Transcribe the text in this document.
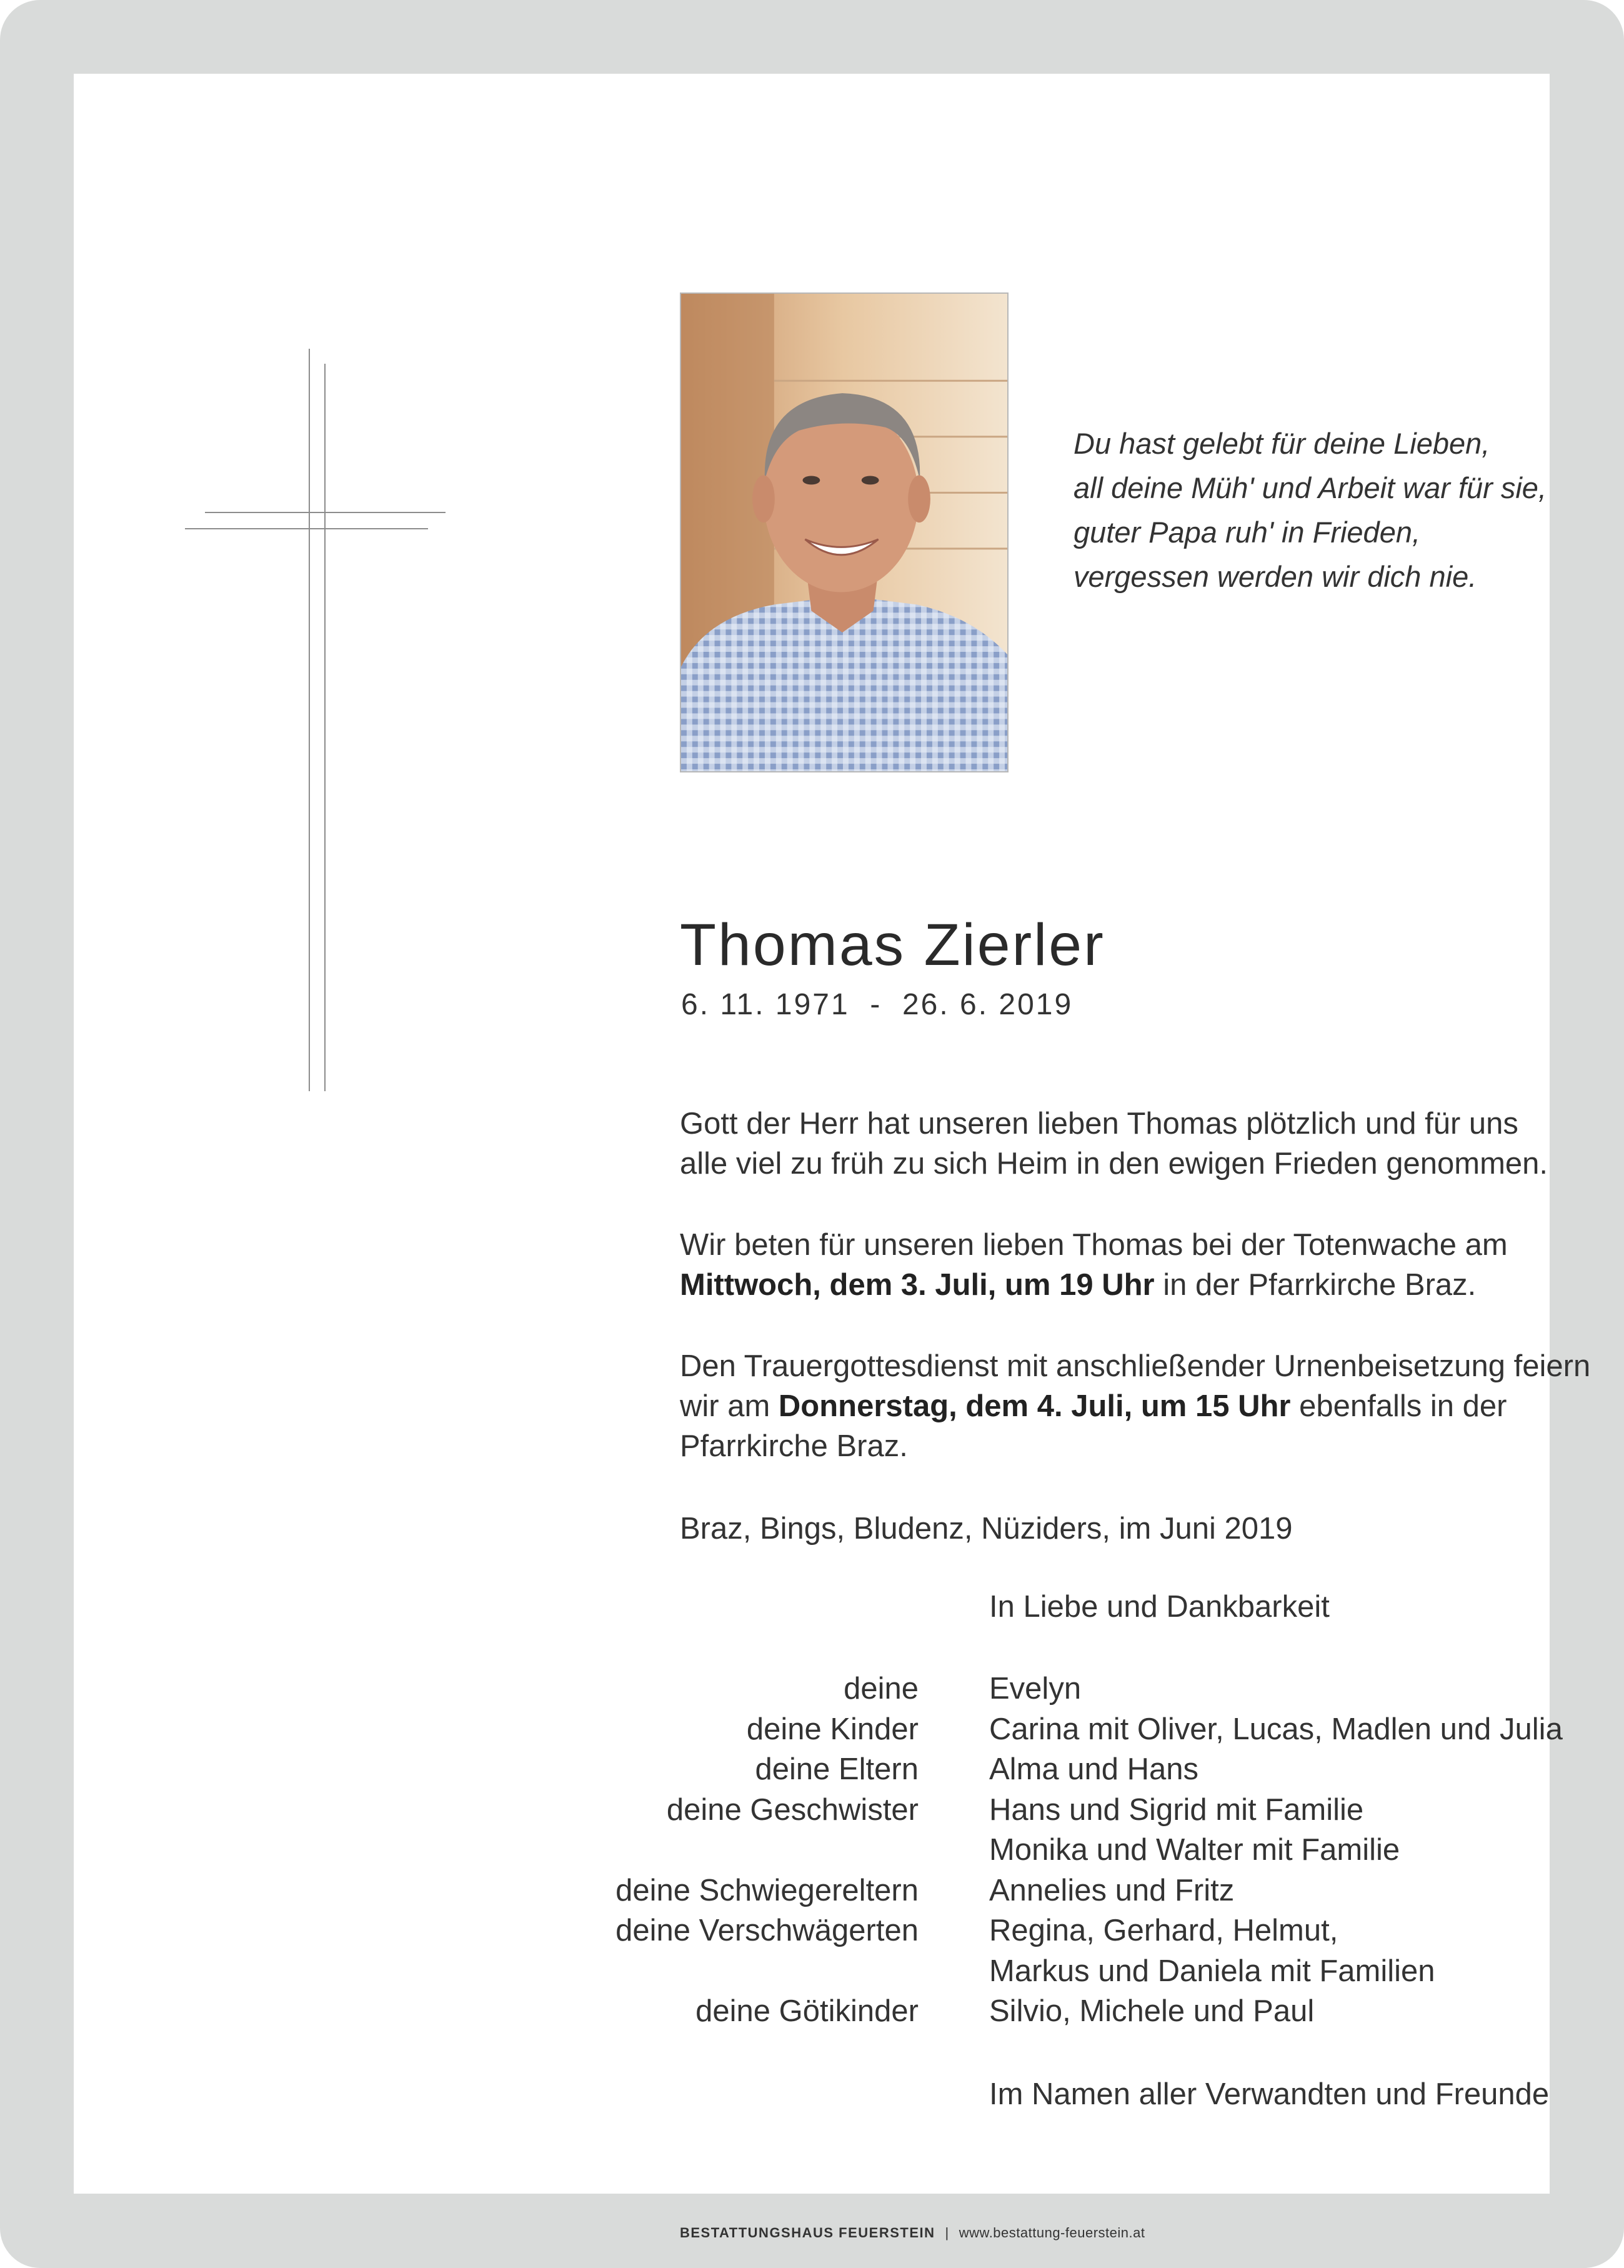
Du hast gelebt für deine Lieben,
all deine Müh' und Arbeit war für sie,
guter Papa ruh' in Frieden,
vergessen werden wir dich nie.
Thomas Zierler
6. 11. 1971  -  26. 6. 2019
Gott der Herr hat unseren lieben Thomas plötzlich und für uns
alle viel zu früh zu sich Heim in den ewigen Frieden genommen.
Wir beten für unseren lieben Thomas bei der Totenwache am
Mittwoch, dem 3. Juli, um 19 Uhr in der Pfarrkirche Braz.
Den Trauergottesdienst mit anschließender Urnenbeisetzung feiern
wir am Donnerstag, dem 4. Juli, um 15 Uhr ebenfalls in der
Pfarrkirche Braz.
Braz, Bings, Bludenz, Nüziders, im Juni 2019
In Liebe und Dankbarkeit
deine Evelyn
deine Kinder Carina mit Oliver, Lucas, Madlen und Julia
deine Eltern Alma und Hans
deine Geschwister Hans und Sigrid mit Familie
Monika und Walter mit Familie
deine Schwiegereltern Annelies und Fritz
deine Verschwägerten Regina, Gerhard, Helmut,
Markus und Daniela mit Familien
deine Götikinder Silvio, Michele und Paul
Im Namen aller Verwandten und Freunde
BESTATTUNGSHAUS FEUERSTEIN | www.bestattung-feuerstein.at
